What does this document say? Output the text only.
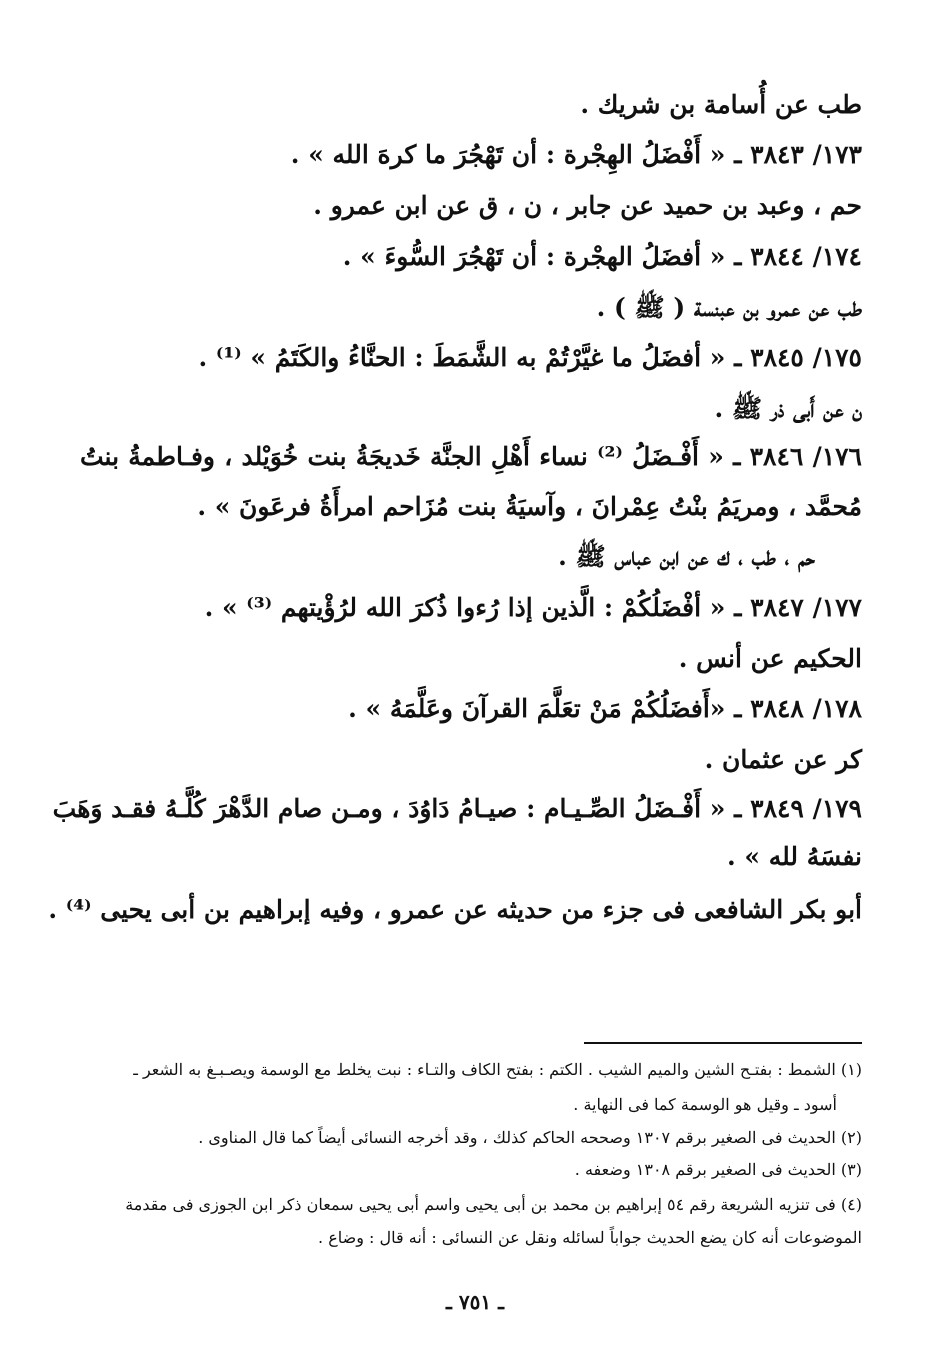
طب عن أُسامة بن شريك .
١٧٣/ ٣٨٤٣ ـ « أَفْضَلُ الهِجْرة : أن تَهْجُرَ ما كرهَ الله » .
حم ، وعبد بن حميد عن جابر ، ن ، ق عن ابن عمرو .
١٧٤/ ٣٨٤٤ ـ « أفضَلُ الهجْرة : أن تَهْجُرَ السُّوءَ » .
طب عن عمرو بن عبنسة ( ﷺ ) .
١٧٥/ ٣٨٤٥ ـ « أفضَلُ ما غيَّرْتُمْ به الشَّمَطَ : الحنَّاءُ والكَتَمُ » ⁽¹⁾ .
ن عن أَبى ذر ﷺ .
١٧٦/ ٣٨٤٦ ـ « أَفْـضَلُ ⁽²⁾ نساء أَهْلِ الجنَّة خَديجَةُ بنت خُوَيْلد ، وفـاطمةُ بنتُ
مُحمَّد ، ومريَمُ بنْتُ عِمْرانَ ، وآسيَةُ بنت مُزَاحم امرأَةُ فرعَونَ » .
حم ، طب ، ك عن ابن عباس ﷺ .
١٧٧/ ٣٨٤٧ ـ « أفْضَلُكُمْ : الَّذين إذا رُءوا ذُكرَ الله لرُؤْيتهم ⁽³⁾ » .
الحكيم عن أنس .
١٧٨/ ٣٨٤٨ ـ «أَفضَلُكُمْ مَنْ تعَلَّمَ القرآنَ وعَلَّمَهُ » .
كر عن عثمان .
١٧٩/ ٣٨٤٩ ـ « أَفْـضَلُ الصِّـيـام : صيـامُ دَاوُدَ ، ومـن صام الدَّهْرَ كُلَّـهُ فقـد وَهَبَ
نفسَهُ لله » .
أبو بكر الشافعى فى جزء من حديثه عن عمرو ، وفيه إبراهيم بن أبى يحيى ⁽⁴⁾ .
(١) الشمط : بفتـح الشين والميم الشيب . الكتم : بفتح الكاف والتـاء : نبت يخلط مع الوسمة ويصـبـغ به الشعر ـ
أسود ـ وقيل هو الوسمة كما فى النهاية .
(٢) الحديث فى الصغير برقم ١٣٠٧ وصححه الحاكم كذلك ، وقد أخرجه النسائى أيضاً كما قال المناوى .
(٣) الحديث فى الصغير برقم ١٣٠٨ وضعفه .
(٤) فى تنزيه الشريعة رقم ٥٤ إبراهيم بن محمد بن أبى يحيى واسم أبى يحيى سمعان ذكر ابن الجوزى فى مقدمة
الموضوعات أنه كان يضع الحديث جواباً لسائله ونقل عن النسائى : أنه قال : وضاع .
ـ ٧٥١ ـ
